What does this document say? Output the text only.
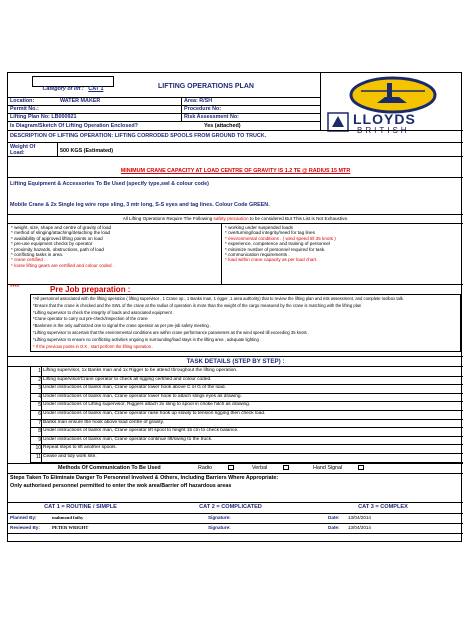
Category of lift : CAT 1	LIFTING OPERATIONS PLAN
LLOYDS
Location:	WATER MAKER	Area: R/SH
Permit No.:	Procedure No:
Lifting Plan No: LB000921	Risk Assessment No:
Is Diagram/Sketch Of Lifting Operation Enclosed?	Yes (attached)
DESCRIPTION OF LIFTING OPERATION: LIFTING CORRODED SPOOLS FROM GROUND TO TRUCK.
Weight Of
Load:	500 KGS (Estimated)
MINIMUM CRANE CAPACITY AT LOAD CENTRE OF GRAVITY IS 1.2 TE @ RADIUS 15 MTR
Lifting Equipment & Accessories To Be Used (specify type,swl & colour code)
Mobile Crane & 2x Single leg wire rope sling, 3 mtr long, S-S eyes and tag lines. Colour Code GREEN.
All Lifting Operations Require The Following safety precaution to be considered But This List is Not Exhaustive.
* weight, size, shape and centre of gravity of load
* method of slinging/attaching/detaching the load
* availability of approved lifting points on load
* pre-use equipment checks by operator
* proximity hazards, obstructions, path of load
* conflicting tasks in area.
* crane certified .
* loose lifting gears are certified and colour coded .
* working under suspended loads
* overturning/load integrity/need for tag lines
* environmental conditions . ( wind speed till 35 knots )
* experience, competence and training of personnel
* minimize number of personnel required for task.
* communication requirements .
* load within crane capacity as per load chart.
****	Pre Job preparation :
*All personnel associated with the lifting operation ( lifting supervisor , 1 Crane op., 1 Banks man, 1 rigger ,1 area authority) that to review the lifting plan and risk assessment, and complete toolbox talk.
*Ensure that the crane is checked and the SWL of the crane at the radius of operation is more than the weight of the cargo measured by the crane is matching with the lifting plan
*Lifting supervisor to check the integrity of loads and associated equipment .
*Crane operator to carry out pre-check/inspection of the crane
*Bankmen is the only authorized one to signal the crane operator as per pre-job safety meeting .
*Lifting supervisor to ascertain that the environmental conditions are within crane performance parameters as the wind speed till exceeding 35 knots .
*Lifting supervisor to ensure no conflicting activities ongoing in surrounding/load stays in the lifting area , adequate lighting .
* If the previous points in O.K , start perform the lifting operation .
TASK DETAILS (STEP BY STEP) :
1 Lifting supervisor, 1x Banks man and 1x Rigger to be attend throughout the lifting operation.
2 Lifting supervisor/Crane operator to check all rigging certified and colour coded.
3 Under instructions of banks man, Crane operator lower hook above C of G of the load.
4 Under instructions of banks man, Crane operator lower hook to attach slings eyes as drawing.
5 Under instructions of Lifting supervisor, Riggers attach 2x sling to spool in choke hitch as drawing.
6 Under instructions of banks man, Crane operator raise hook up slowly to tension rigging then check load.
7 Banks man ensure the hook above load centre of gravity.
8 Under instructions of banks man, Crane operator lift spool to height 15 cm to check balance.
9 Under instructions of banks man, Crane operator continue lift/swing to the truck.
10 Repeat steps to lift another spools.
11 Cease and tidy work site.
Methods Of Communication To Be Used	Radio	Verbal	Hand Signal
Steps Taken To Eliminate Danger To Personnel Involved & Others, Including Barriers Where Appropriate:
Only authorised personnel permitted to enter the wok area/Barrier off hazardous areas
CAT 1 = ROUTINE / SIMPLE	CAT 2 = COMPLICATED	CAT 3 = COMPLEX
Planned By:	mahmoud fathy	Signature:	Date: 13/04/2014
Reviewed By:	PETER WRIGHT	Signature:	Date: 13/04/2014
